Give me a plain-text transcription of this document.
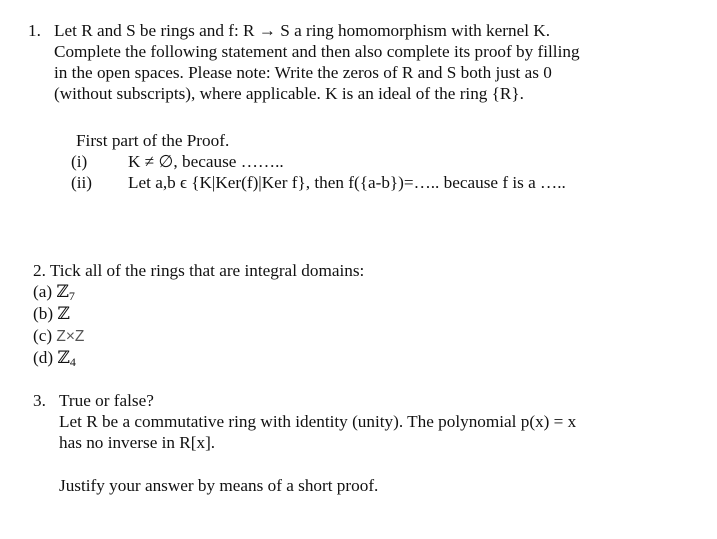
1. Let R and S be rings and f: R → S a ring homomorphism with kernel K.
Complete the following statement and then also complete its proof by filling
in the open spaces. Please note: Write the zeros of R and S both just as 0
(without subscripts), where applicable. K is an ideal of the ring {R}.
First part of the Proof.
(i) K ≠ ∅, because ……..
(ii) Let a,b ϵ {K|Ker(f)|Ker f}, then f({a-b})=….. because f is a …..
2. Tick all of the rings that are integral domains:
(a) ℤ$_7$
(b) ℤ
(c) Z×Z
(d) ℤ$_4$
3. True or false?
Let R be a commutative ring with identity (unity). The polynomial p(x) = x
has no inverse in R[x].
Justify your answer by means of a short proof.
